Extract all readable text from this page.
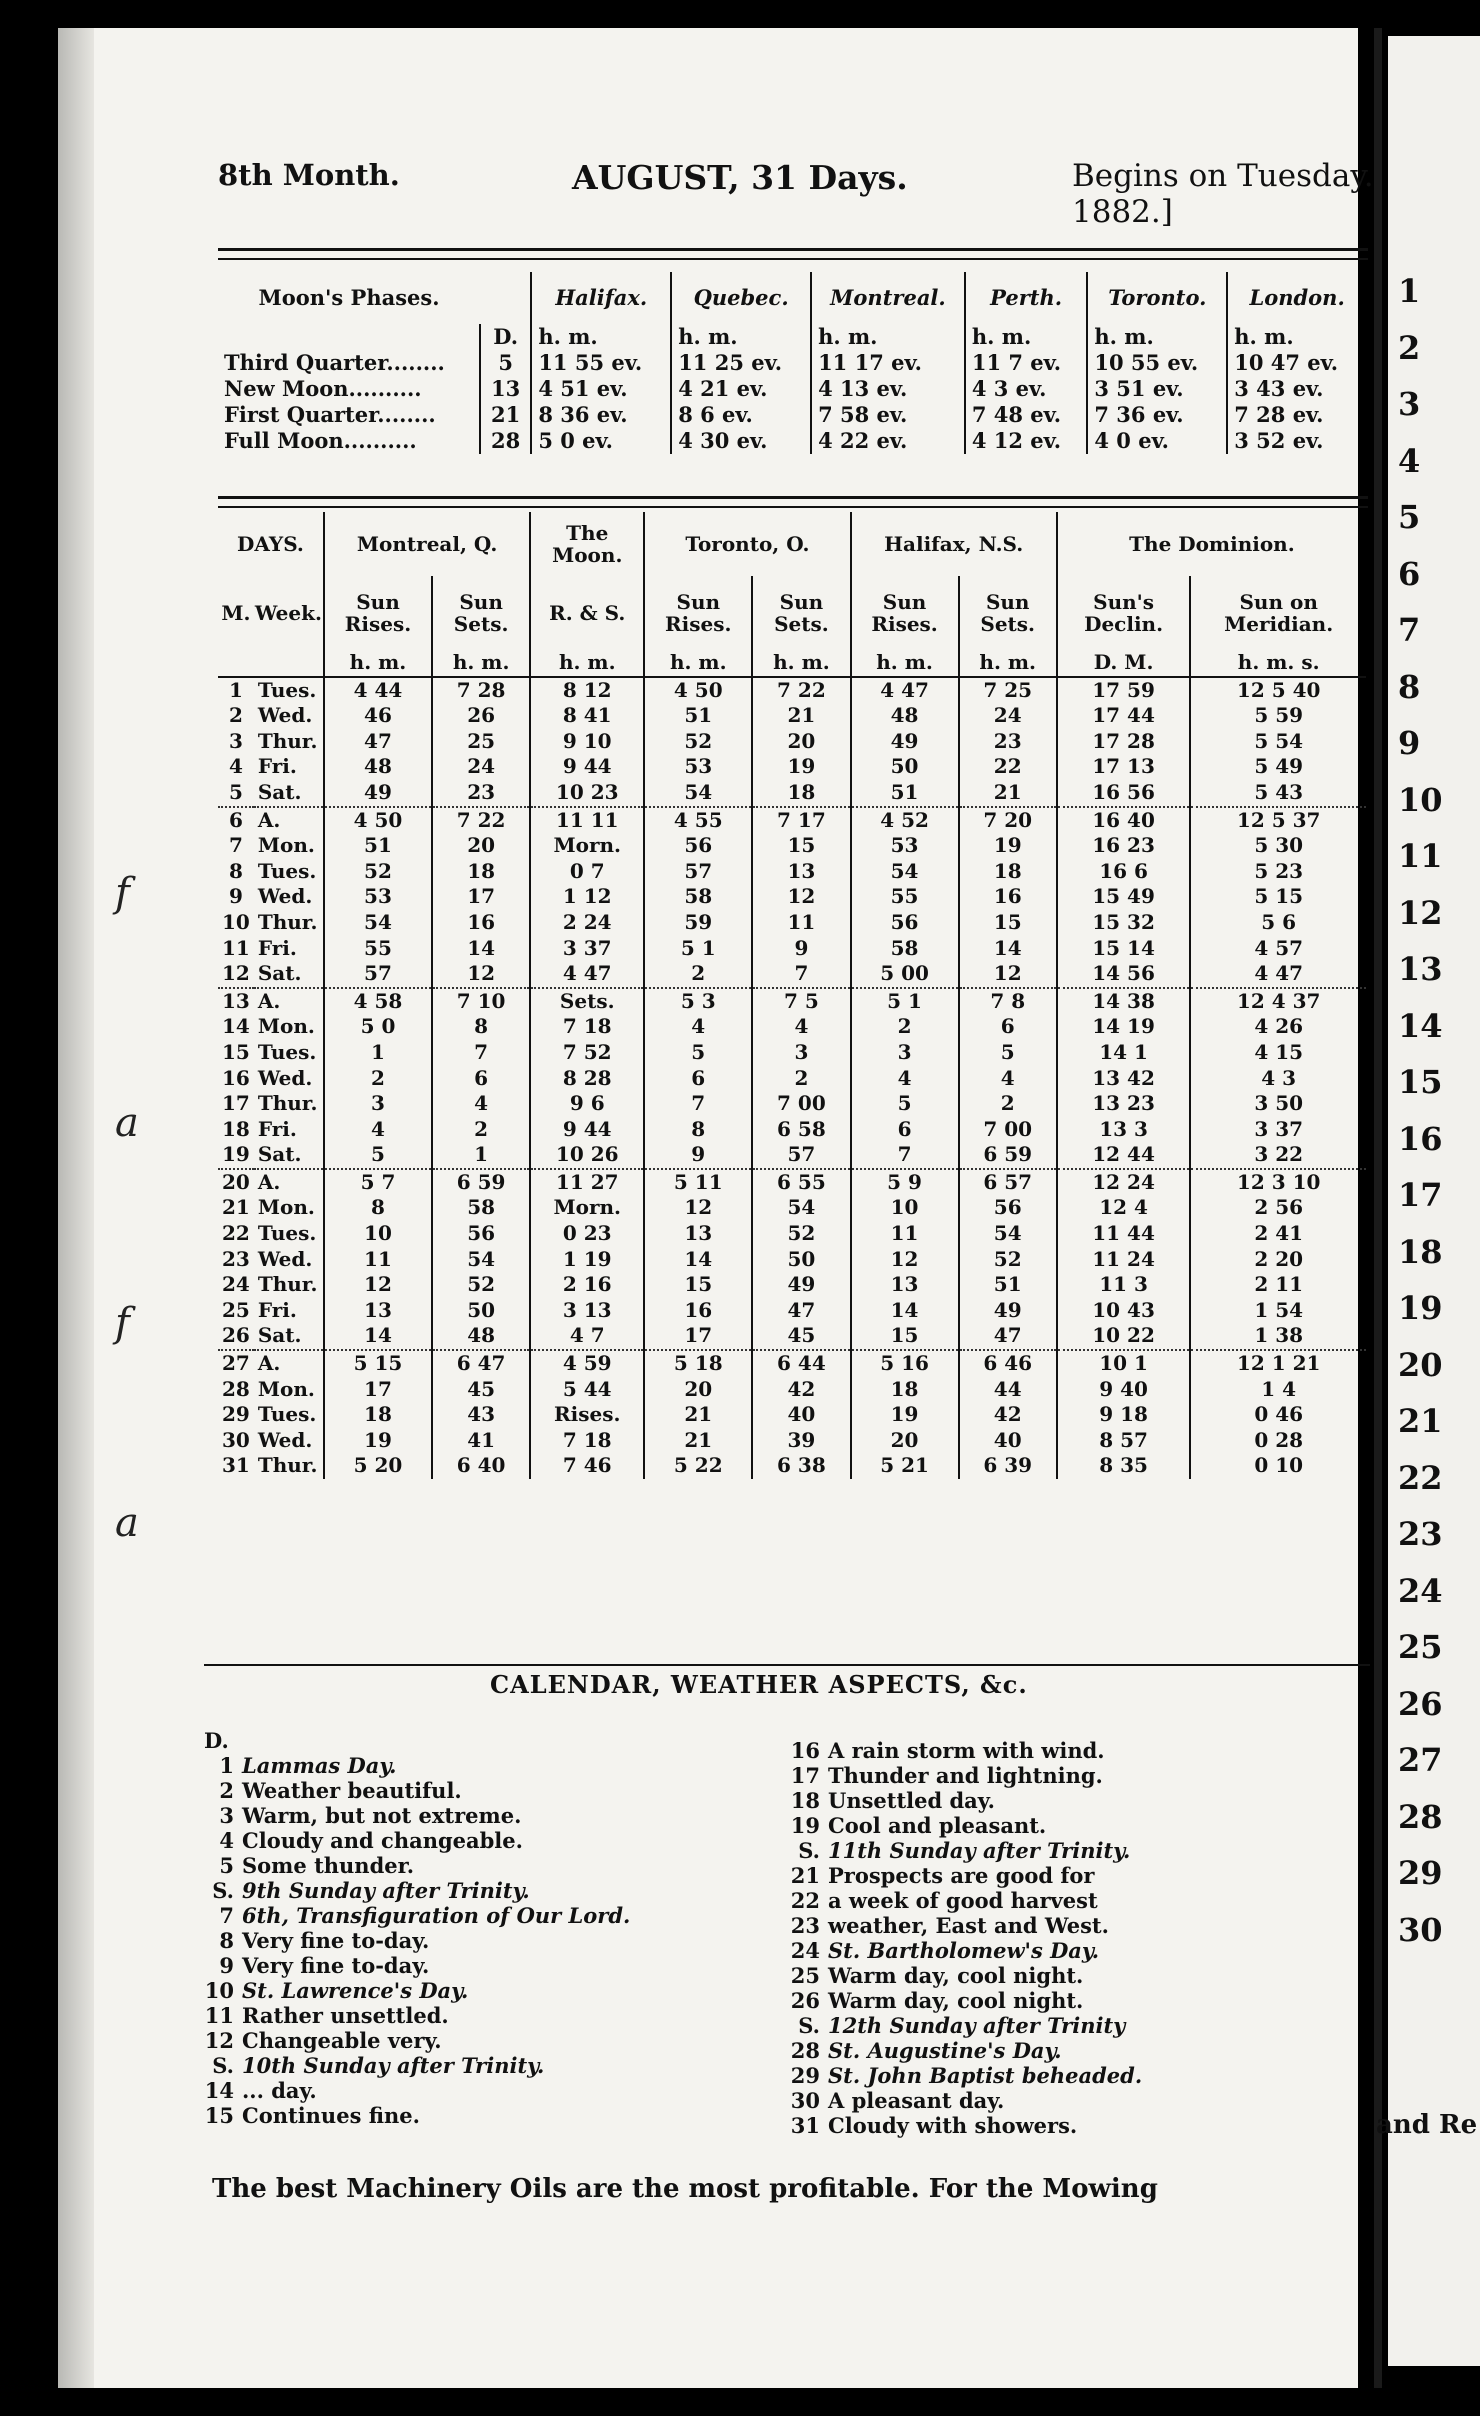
8th Month.	AUGUST, 31 Days.	Begins on Tuesday. 1882.]
Moon's Phases.		Halifax.	Quebec.	Montreal.	Perth.	Toronto.	London.
	D.	h. m.	h. m.	h. m.	h. m.	h. m.	h. m.
Third Quarter........	5	11 55 ev.	11 25 ev.	11 17 ev.	11 7 ev.	10 55 ev.	10 47 ev.
New Moon..........	13	4 51 ev.	4 21 ev.	4 13 ev.	4 3 ev.	3 51 ev.	3 43 ev.
First Quarter........	21	8 36 ev.	8 6 ev.	7 58 ev.	7 48 ev.	7 36 ev.	7 28 ev.
Full Moon..........	28	5 0 ev.	4 30 ev.	4 22 ev.	4 12 ev.	4 0 ev.	3 52 ev.
DAYS.		Montreal, Q.		The Moon.	Toronto, O.		Halifax, N.S.		The Dominion.	
M.	Week.	Sun Rises.	Sun Sets.	R. & S.	Sun Rises.	Sun Sets.	Sun Rises.	Sun Sets.	Sun's Declin.	Sun on Meridian.
		h. m.	h. m.	h. m.	h. m.	h. m.	h. m.	h. m.	D. M.	h. m. s.
1	Tues.	4 44	7 28	8 12	4 50	7 22	4 47	7 25	17 59	12 5 40
2	Wed.	46	26	8 41	51	21	48	24	17 44	5 59
3	Thur.	47	25	9 10	52	20	49	23	17 28	5 54
4	Fri.	48	24	9 44	53	19	50	22	17 13	5 49
5	Sat.	49	23	10 23	54	18	51	21	16 56	5 43
6	A.	4 50	7 22	11 11	4 55	7 17	4 52	7 20	16 40	12 5 37
7	Mon.	51	20	Morn.	56	15	53	19	16 23	5 30
8	Tues.	52	18	0 7	57	13	54	18	16 6	5 23
9	Wed.	53	17	1 12	58	12	55	16	15 49	5 15
10	Thur.	54	16	2 24	59	11	56	15	15 32	5 6
11	Fri.	55	14	3 37	5 1	9	58	14	15 14	4 57
12	Sat.	57	12	4 47	2	7	5 00	12	14 56	4 47
13	A.	4 58	7 10	Sets.	5 3	7 5	5 1	7 8	14 38	12 4 37
14	Mon.	5 0	8	7 18	4	4	2	6	14 19	4 26
15	Tues.	1	7	7 52	5	3	3	5	14 1	4 15
16	Wed.	2	6	8 28	6	2	4	4	13 42	4 3
17	Thur.	3	4	9 6	7	7 00	5	2	13 23	3 50
18	Fri.	4	2	9 44	8	6 58	6	7 00	13 3	3 37
19	Sat.	5	1	10 26	9	57	7	6 59	12 44	3 22
20	A.	5 7	6 59	11 27	5 11	6 55	5 9	6 57	12 24	12 3 10
21	Mon.	8	58	Morn.	12	54	10	56	12 4	2 56
22	Tues.	10	56	0 23	13	52	11	54	11 44	2 41
23	Wed.	11	54	1 19	14	50	12	52	11 24	2 20
24	Thur.	12	52	2 16	15	49	13	51	11 3	2 11
25	Fri.	13	50	3 13	16	47	14	49	10 43	1 54
26	Sat.	14	48	4 7	17	45	15	47	10 22	1 38
27	A.	5 15	6 47	4 59	5 18	6 44	5 16	6 46	10 1	12 1 21
28	Mon.	17	45	5 44	20	42	18	44	9 40	1 4
29	Tues.	18	43	Rises.	21	40	19	42	9 18	0 46
30	Wed.	19	41	7 18	21	39	20	40	8 57	0 28
31	Thur.	5 20	6 40	7 46	5 22	6 38	5 21	6 39	8 35	0 10
CALENDAR, WEATHER ASPECTS, &c.
D.
1 Lammas Day.
2 Weather beautiful.
3 Warm, but not extreme.
4 Cloudy and changeable.
5 Some thunder.
S. 9th Sunday after Trinity.
7 6th, Transfiguration of Our Lord.
8 Very fine to-day.
9 Very fine to-day.
10 St. Lawrence's Day.
11 Rather unsettled.
12 Changeable very.
S. 10th Sunday after Trinity.
14 ... day.
15 Continues fine.
16 A rain storm with wind.
17 Thunder and lightning.
18 Unsettled day.
19 Cool and pleasant.
S. 11th Sunday after Trinity.
21 Prospects are good for
22 a week of good harvest
23 weather, East and West.
24 St. Bartholomew's Day.
25 Warm day, cool night.
26 Warm day, cool night.
S. 12th Sunday after Trinity
28 St. Augustine's Day.
29 St. John Baptist beheaded.
30 A pleasant day.
31 Cloudy with showers.
The best Machinery Oils are the most profitable. For the Mowing
1
2
3
4
5
6
7
8
9
10
11
12
13
14
15
16
17
18
19
20
21
22
23
24
25
26
27
28
29
30
and Re
f
a
f
a
